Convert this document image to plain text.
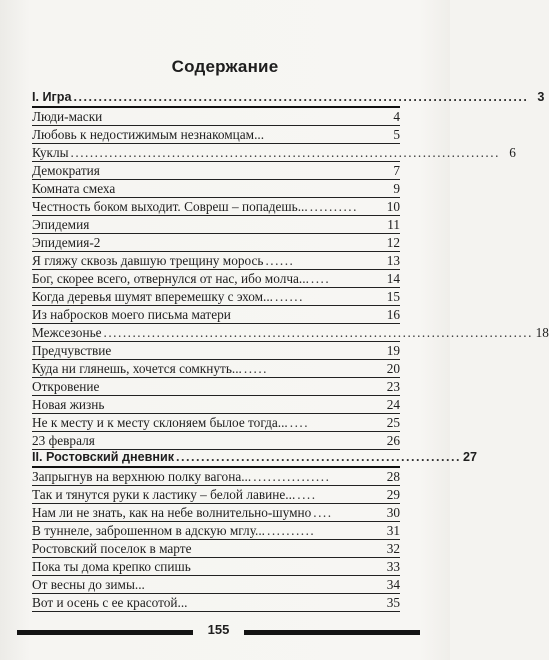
Содержание
I. Игра ........................................................................................... 3
Люди-маски	4
Любовь к недостижимым незнакомцам...	5
Куклы ......................................................................................... 6
Демократия	7
Комната смеха	9
Честность боком выходит. Совреш – попадешь... ..........	10
Эпидемия	11
Эпидемия-2	12
Я гляжу сквозь давшую трещину морось ......	13
Бог, скорее всего, отвернулся от нас, ибо молча... ....	14
Когда деревья шумят вперемешку с эхом... ......	15
Из набросков моего письма матери	16
Межсезонье ......................................................................................... 18
Предчувствие	19
Куда ни глянешь, хочется сомкнуть... .....	20
Откровение	23
Новая жизнь	24
Не к месту и к месту склоняем былое тогда... ....	25
23 февраля	26
II. Ростовский дневник ......................................................... 27
Запрыгнув на верхнюю полку вагона... ................	28
Так и тянутся руки к ластику – белой лавине... ....	29
Нам ли не знать, как на небе волнительно-шумно ....	30
В туннеле, заброшенном в адскую мглу... ..........	31
Ростовский поселок в марте	32
Пока ты дома крепко спишь	33
От весны до зимы...	34
Вот и осень с ее красотой...	35
155
